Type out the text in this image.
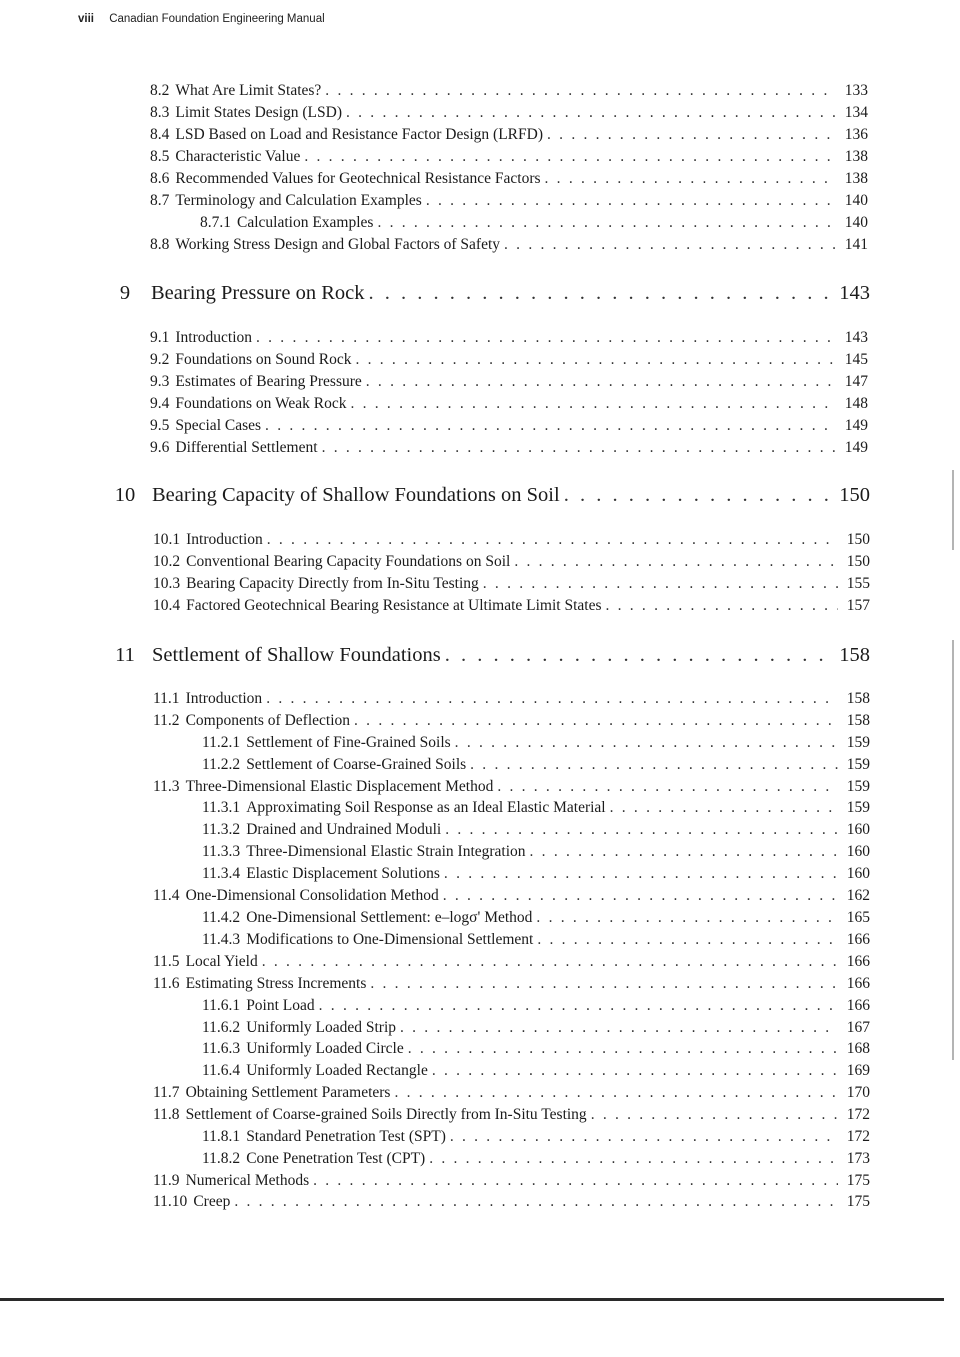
viii Canadian Foundation Engineering Manual
8.2 What Are Limit States? . . .	133
8.3 Limit States Design (LSD) . . .	134
8.4 LSD Based on Load and Resistance Factor Design (LRFD) . . .	136
8.5 Characteristic Value . . .	138
8.6 Recommended Values for Geotechnical Resistance Factors . . .	138
8.7 Terminology and Calculation Examples . . .	140
8.7.1 Calculation Examples . . .	140
8.8 Working Stress Design and Global Factors of Safety . . .	141
9	Bearing Pressure on Rock . . .	143
9.1 Introduction . . .	143
9.2 Foundations on Sound Rock . . .	145
9.3 Estimates of Bearing Pressure . . .	147
9.4 Foundations on Weak Rock . . .	148
9.5 Special Cases . . .	149
9.6 Differential Settlement . . .	149
10 Bearing Capacity of Shallow Foundations on Soil . . .	150
10.1 Introduction . . .	150
10.2 Conventional Bearing Capacity Foundations on Soil . . .	150
10.3 Bearing Capacity Directly from In-Situ Testing . . .	155
10.4 Factored Geotechnical Bearing Resistance at Ultimate Limit States . . .	157
11 Settlement of Shallow Foundations . . .	158
11.1 Introduction . . .	158
11.2 Components of Deflection . . .	158
11.2.1 Settlement of Fine-Grained Soils . . .	159
11.2.2 Settlement of Coarse-Grained Soils . . .	159
11.3 Three-Dimensional Elastic Displacement Method . . .	159
11.3.1 Approximating Soil Response as an Ideal Elastic Material . . .	159
11.3.2 Drained and Undrained Moduli . . .	160
11.3.3 Three-Dimensional Elastic Strain Integration . . .	160
11.3.4 Elastic Displacement Solutions . . .	160
11.4 One-Dimensional Consolidation Method . . .	162
11.4.2 One-Dimensional Settlement: e–logσ' Method . . .	165
11.4.3 Modifications to One-Dimensional Settlement . . .	166
11.5 Local Yield . . .	166
11.6 Estimating Stress Increments . . .	166
11.6.1 Point Load . . .	166
11.6.2 Uniformly Loaded Strip . . .	167
11.6.3 Uniformly Loaded Circle . . .	168
11.6.4 Uniformly Loaded Rectangle . . .	169
11.7 Obtaining Settlement Parameters . . .	170
11.8 Settlement of Coarse-grained Soils Directly from In-Situ Testing . . .	172
11.8.1 Standard Penetration Test (SPT) . . .	172
11.8.2 Cone Penetration Test (CPT) . . .	173
11.9 Numerical Methods . . .	175
11.10 Creep . . .	175
